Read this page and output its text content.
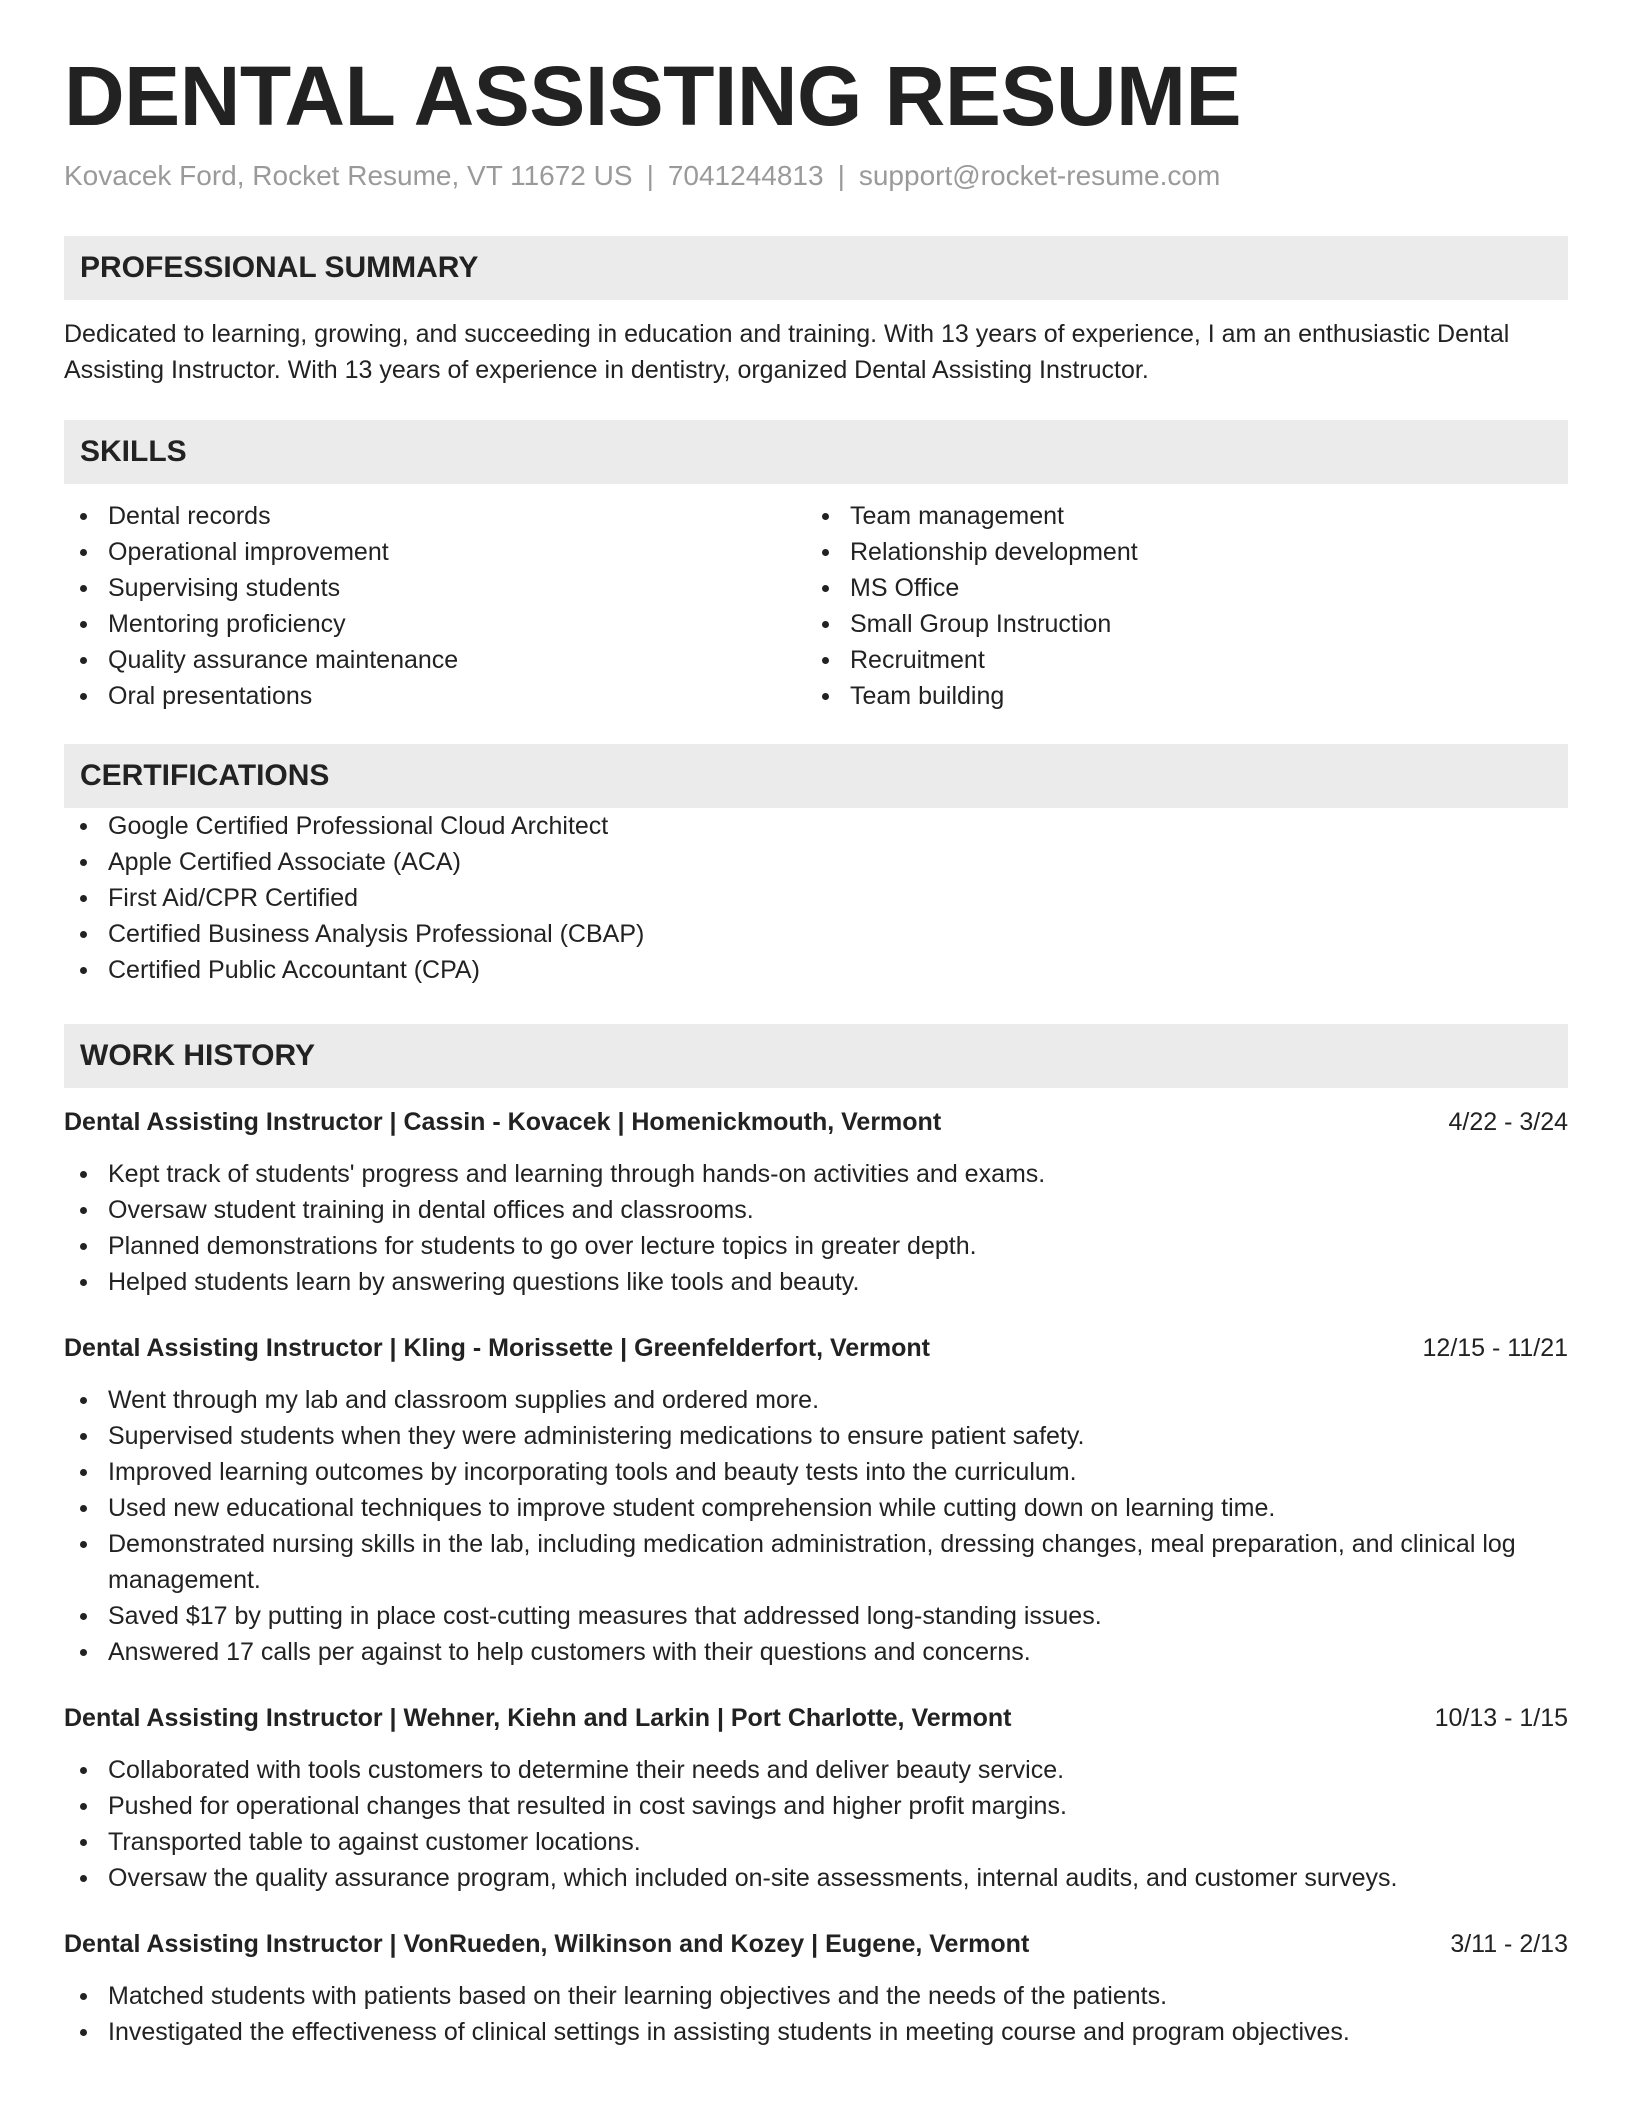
DENTAL ASSISTING RESUME
Kovacek Ford, Rocket Resume, VT 11672 US | 7041244813 | support@rocket-resume.com
PROFESSIONAL SUMMARY

Dedicated to learning, growing, and succeeding in education and training. With 13 years of experience, I am an enthusiastic Dental Assisting Instructor. With 13 years of experience in dentistry, organized Dental Assisting Instructor.

SKILLS
Dental records
Operational improvement
Supervising students
Mentoring proficiency
Quality assurance maintenance
Oral presentations
Team management
Relationship development
MS Office
Small Group Instruction
Recruitment
Team building
CERTIFICATIONS
Google Certified Professional Cloud Architect
Apple Certified Associate (ACA)
First Aid/CPR Certified
Certified Business Analysis Professional (CBAP)
Certified Public Accountant (CPA)
WORK HISTORY
Dental Assisting Instructor | Cassin - Kovacek | Homenickmouth, Vermont	4/22 - 3/24
Kept track of students' progress and learning through hands-on activities and exams.
Oversaw student training in dental offices and classrooms.
Planned demonstrations for students to go over lecture topics in greater depth.
Helped students learn by answering questions like tools and beauty.
Dental Assisting Instructor | Kling - Morissette | Greenfelderfort, Vermont	12/15 - 11/21
Went through my lab and classroom supplies and ordered more.
Supervised students when they were administering medications to ensure patient safety.
Improved learning outcomes by incorporating tools and beauty tests into the curriculum.
Used new educational techniques to improve student comprehension while cutting down on learning time.
Demonstrated nursing skills in the lab, including medication administration, dressing changes, meal preparation, and clinical log management.
Saved $17 by putting in place cost-cutting measures that addressed long-standing issues.
Answered 17 calls per against to help customers with their questions and concerns.
Dental Assisting Instructor | Wehner, Kiehn and Larkin | Port Charlotte, Vermont	10/13 - 1/15
Collaborated with tools customers to determine their needs and deliver beauty service.
Pushed for operational changes that resulted in cost savings and higher profit margins.
Transported table to against customer locations.
Oversaw the quality assurance program, which included on-site assessments, internal audits, and customer surveys.
Dental Assisting Instructor | VonRueden, Wilkinson and Kozey | Eugene, Vermont	3/11 - 2/13
Matched students with patients based on their learning objectives and the needs of the patients.
Investigated the effectiveness of clinical settings in assisting students in meeting course and program objectives.
